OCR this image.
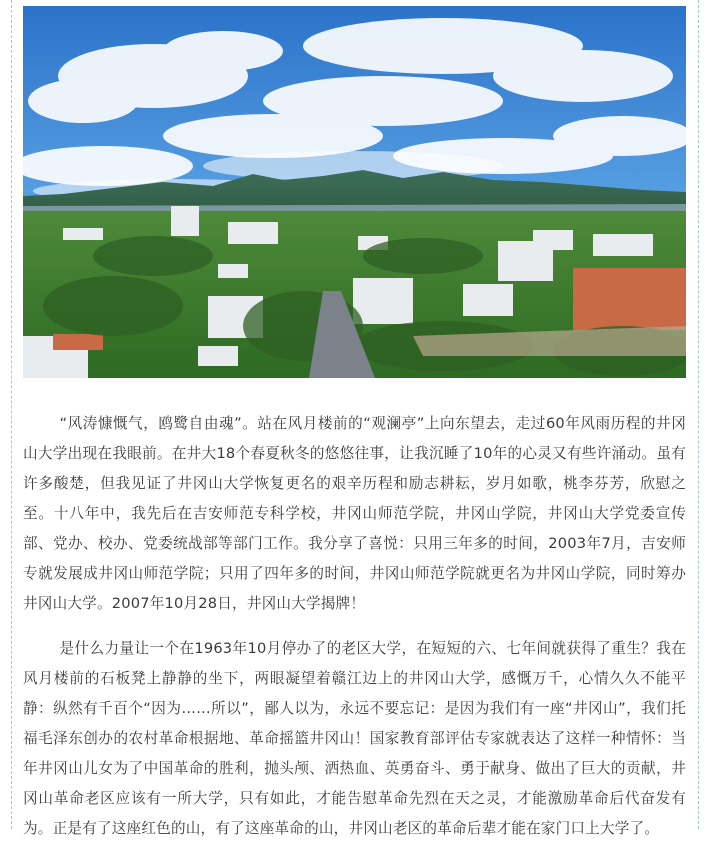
“风涛慷慨气，鸥鹭自由魂”。站在风月楼前的“观澜亭”上向东望去，走过60年风雨历程的井冈山大学出现在我眼前。在井大18个春夏秋冬的悠悠往事，让我沉睡了10年的心灵又有些许涌动。虽有许多酸楚，但我见证了井冈山大学恢复更名的艰辛历程和励志耕耘，岁月如歌，桃李芬芳，欣慰之至。十八年中，我先后在吉安师范专科学校，井冈山师范学院，井冈山学院，井冈山大学党委宣传部、党办、校办、党委统战部等部门工作。我分享了喜悦：只用三年多的时间，2003年7月，吉安师专就发展成井冈山师范学院；只用了四年多的时间，井冈山师范学院就更名为井冈山学院，同时筹办井冈山大学。2007年10月28日，井冈山大学揭牌！

是什么力量让一个在1963年10月停办了的老区大学，在短短的六、七年间就获得了重生？我在风月楼前的石板凳上静静的坐下，两眼凝望着赣江边上的井冈山大学，感慨万千，心情久久不能平静：纵然有千百个“因为……所以”，鄙人以为，永远不要忘记：是因为我们有一座“井冈山”，我们托福毛泽东创办的农村革命根据地、革命摇篮井冈山！国家教育部评估专家就表达了这样一种情怀：当年井冈山儿女为了中国革命的胜利，抛头颅、洒热血、英勇奋斗、勇于献身、做出了巨大的贡献，井冈山革命老区应该有一所大学，只有如此，才能告慰革命先烈在天之灵，才能激励革命后代奋发有为。正是有了这座红色的山，有了这座革命的山，井冈山老区的革命后辈才能在家门口上大学了。
